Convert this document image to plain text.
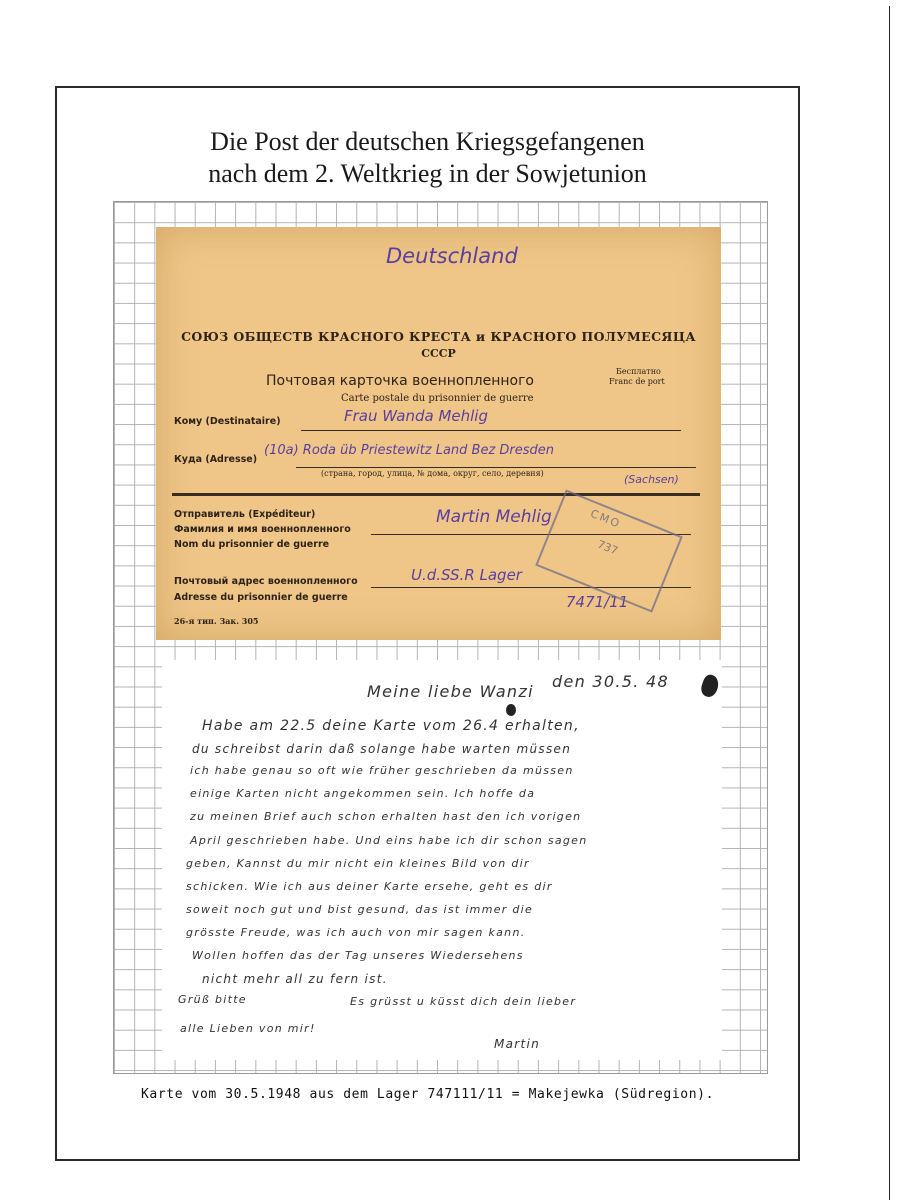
Die Post der deutschen Kriegsgefangenen
nach dem 2. Weltkrieg in der Sowjetunion
Karte vom 30.5.1948 aus dem Lager 747111/11 = Makejewka (Südregion).
Deutschland
СОЮЗ ОБЩЕСТВ КРАСНОГО КРЕСТА и КРАСНОГО ПОЛУМЕСЯЦА
СССР
Почтовая карточка военнопленного
Carte postale du prisonnier de guerre
Бесплатно
Franc de port
Кому (Destinataire)	Frau Wanda Mehlig
Куда (Adresse)
(10a) Roda üb Priestewitz Land Bez Dresden
(страна, город, улица, № дома, округ, село, деревня)	(Sachsen)
Отправитель (Expéditeur)
Фамилия и имя военнопленного
Nom du prisonnier de guerre
Martin Mehlig
Почтовый адрес военнопленного
Adresse du prisonnier de guerre
U.d.SS.R Lager
7471/11
СМО
737
26-я тип. Зак. 305
den 30.5. 48
Meine liebe Wanzi
Habe am 22.5 deine Karte vom 26.4 erhalten,
du schreibst darin daß solange habe warten müssen
ich habe genau so oft wie früher geschrieben da müssen
einige Karten nicht angekommen sein. Ich hoffe da
zu meinen Brief auch schon erhalten hast den ich vorigen
April geschrieben habe. Und eins habe ich dir schon sagen
geben, Kannst du mir nicht ein kleines Bild von dir
schicken. Wie ich aus deiner Karte ersehe, geht es dir
soweit noch gut und bist gesund, das ist immer die
grösste Freude, was ich auch von mir sagen kann.
Wollen hoffen das der Tag unseres Wiedersehens
nicht mehr all zu fern ist.
Grüß bitte	Es grüsst u küsst dich dein lieber
alle Lieben von mir!
Martin
